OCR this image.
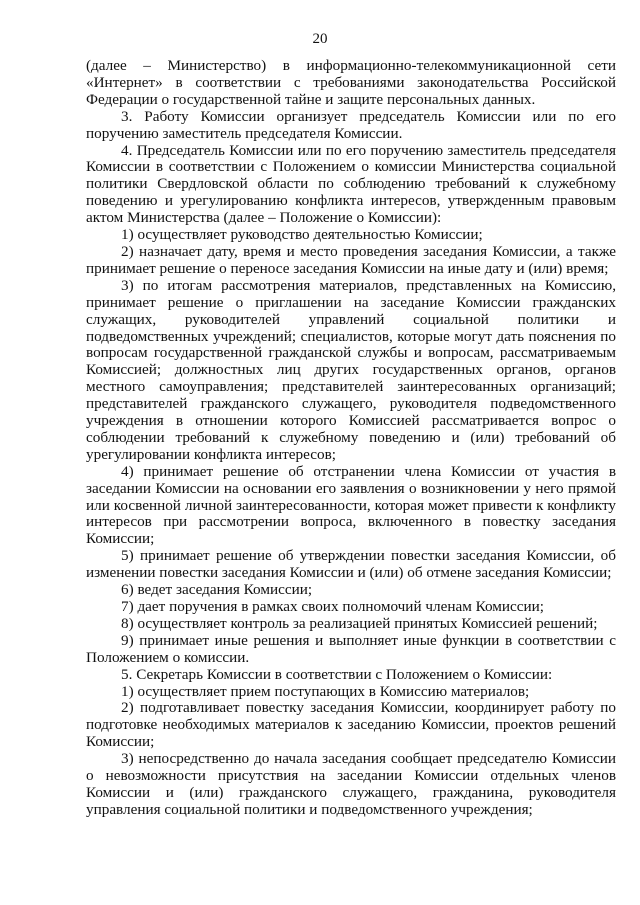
20

(далее – Министерство) в информационно-телекоммуникационной сети «Интернет» в соответствии с требованиями законодательства Российской Федерации о государственной тайне и защите персональных данных.

3. Работу Комиссии организует председатель Комиссии или по его поручению заместитель председателя Комиссии.

4. Председатель Комиссии или по его поручению заместитель председателя Комиссии в соответствии с Положением о комиссии Министерства социальной политики Свердловской области по соблюдению требований к служебному поведению и урегулированию конфликта интересов, утвержденным правовым актом Министерства (далее – Положение о Комиссии):

1) осуществляет руководство деятельностью Комиссии;

2) назначает дату, время и место проведения заседания Комиссии, а также принимает решение о переносе заседания Комиссии на иные дату и (или) время;

3) по итогам рассмотрения материалов, представленных на Комиссию, принимает решение о приглашении на заседание Комиссии гражданских служащих, руководителей управлений социальной политики и подведомственных учреждений; специалистов, которые могут дать пояснения по вопросам государственной гражданской службы и вопросам, рассматриваемым Комиссией; должностных лиц других государственных органов, органов местного самоуправления; представителей заинтересованных организаций; представителей гражданского служащего, руководителя подведомственного учреждения в отношении которого Комиссией рассматривается вопрос о соблюдении требований к служебному поведению и (или) требований об урегулировании конфликта интересов;

4) принимает решение об отстранении члена Комиссии от участия в заседании Комиссии на основании его заявления о возникновении у него прямой или косвенной личной заинтересованности, которая может привести к конфликту интересов при рассмотрении вопроса, включенного в повестку заседания Комиссии;

5) принимает решение об утверждении повестки заседания Комиссии, об изменении повестки заседания Комиссии и (или) об отмене заседания Комиссии;

6) ведет заседания Комиссии;

7) дает поручения в рамках своих полномочий членам Комиссии;

8) осуществляет контроль за реализацией принятых Комиссией решений;

9) принимает иные решения и выполняет иные функции в соответствии с Положением о комиссии.

5. Секретарь Комиссии в соответствии с Положением о Комиссии:

1) осуществляет прием поступающих в Комиссию материалов;

2) подготавливает повестку заседания Комиссии, координирует работу по подготовке необходимых материалов к заседанию Комиссии, проектов решений Комиссии;

3) непосредственно до начала заседания сообщает председателю Комиссии о невозможности присутствия на заседании Комиссии отдельных членов Комиссии и (или) гражданского служащего, гражданина, руководителя управления социальной политики и подведомственного учреждения;
